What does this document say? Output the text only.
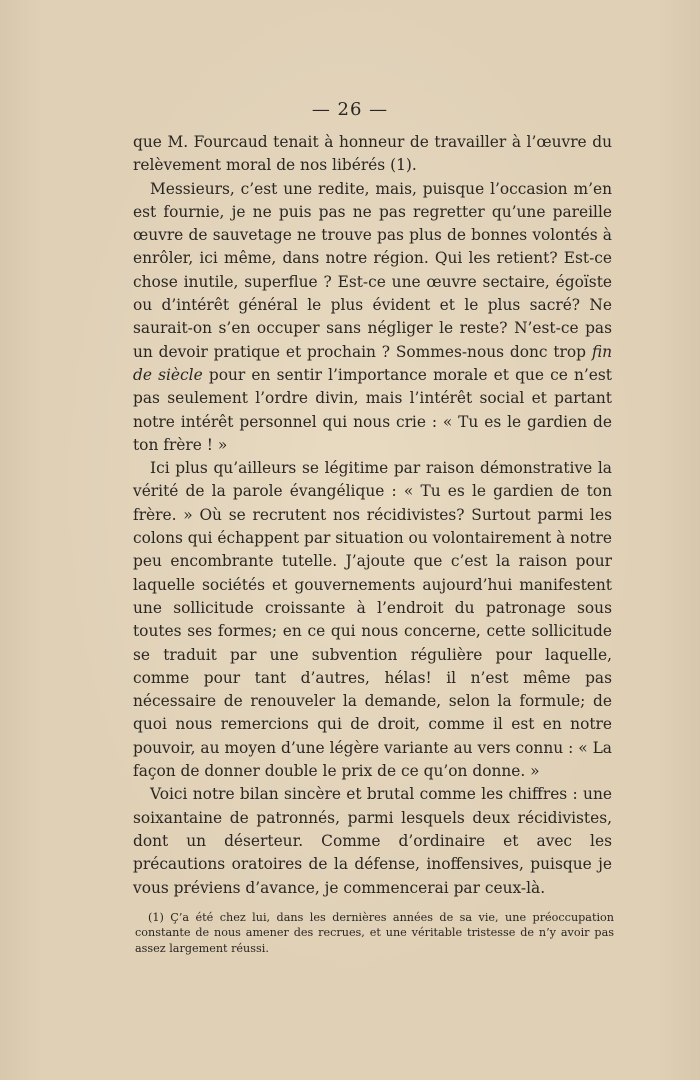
— 26 —

que M. Fourcaud tenait à honneur de travailler à l’œuvre du relèvement moral de nos libérés (1).

Messieurs, c’est une redite, mais, puisque l’occasion m’en est fournie, je ne puis pas ne pas regretter qu’une pareille œuvre de sauvetage ne trouve pas plus de bonnes volontés à enrôler, ici même, dans notre région. Qui les retient? Est-ce chose inutile, superflue ? Est-ce une œuvre sectaire, égoïste ou d’intérêt général le plus évident et le plus sacré? Ne saurait-on s’en occuper sans négliger le reste? N’est-ce pas un devoir pratique et prochain ? Sommes-nous donc trop fin de siècle pour en sentir l’importance morale et que ce n’est pas seulement l’ordre divin, mais l’intérêt social et partant notre intérêt personnel qui nous crie : « Tu es le gardien de ton frère ! »

Ici plus qu’ailleurs se légitime par raison démonstrative la vérité de la parole évangélique : « Tu es le gardien de ton frère. » Où se recrutent nos récidivistes? Surtout parmi les colons qui échappent par situation ou volontairement à notre peu encombrante tutelle. J’ajoute que c’est la raison pour laquelle sociétés et gouvernements aujourd’hui manifestent une sollicitude croissante à l’endroit du patronage sous toutes ses formes; en ce qui nous concerne, cette sollicitude se traduit par une subvention régulière pour laquelle, comme pour tant d’autres, hélas! il n’est même pas nécessaire de renouveler la demande, selon la formule; de quoi nous remercions qui de droit, comme il est en notre pouvoir, au moyen d’une légère variante au vers connu : « La façon de donner double le prix de ce qu’on donne. »

Voici notre bilan sincère et brutal comme les chiffres : une soixantaine de patronnés, parmi lesquels deux récidivistes, dont un déserteur. Comme d’ordinaire et avec les précautions oratoires de la défense, inoffensives, puisque je vous préviens d’avance, je commencerai par ceux-là.

(1) Ç’a été chez lui, dans les dernières années de sa vie, une préoccupation constante de nous amener des recrues, et une véritable tristesse de n’y avoir pas assez largement réussi.
